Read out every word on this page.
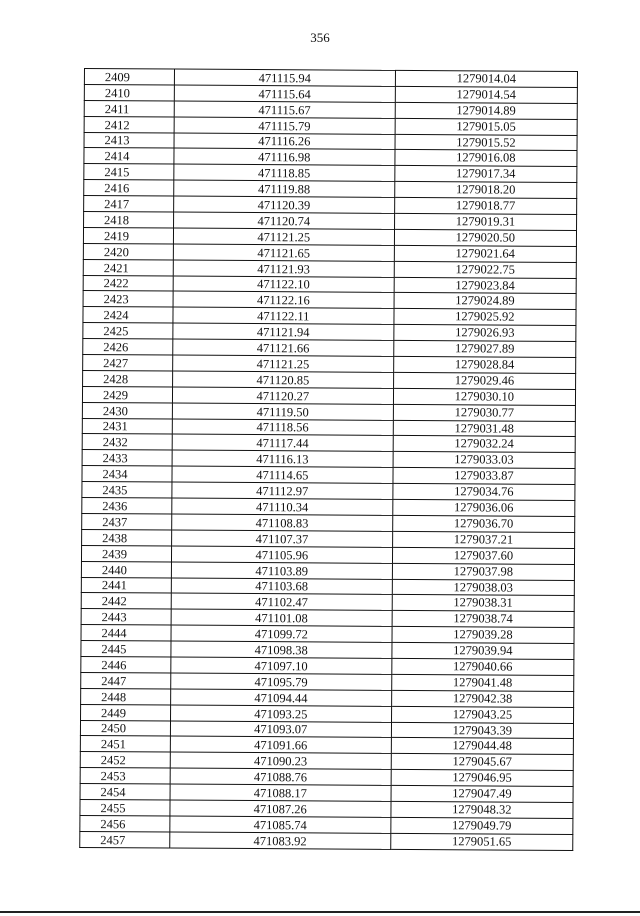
356
2409	471115.94	1279014.04
2410	471115.64	1279014.54
2411	471115.67	1279014.89
2412	471115.79	1279015.05
2413	471116.26	1279015.52
2414	471116.98	1279016.08
2415	471118.85	1279017.34
2416	471119.88	1279018.20
2417	471120.39	1279018.77
2418	471120.74	1279019.31
2419	471121.25	1279020.50
2420	471121.65	1279021.64
2421	471121.93	1279022.75
2422	471122.10	1279023.84
2423	471122.16	1279024.89
2424	471122.11	1279025.92
2425	471121.94	1279026.93
2426	471121.66	1279027.89
2427	471121.25	1279028.84
2428	471120.85	1279029.46
2429	471120.27	1279030.10
2430	471119.50	1279030.77
2431	471118.56	1279031.48
2432	471117.44	1279032.24
2433	471116.13	1279033.03
2434	471114.65	1279033.87
2435	471112.97	1279034.76
2436	471110.34	1279036.06
2437	471108.83	1279036.70
2438	471107.37	1279037.21
2439	471105.96	1279037.60
2440	471103.89	1279037.98
2441	471103.68	1279038.03
2442	471102.47	1279038.31
2443	471101.08	1279038.74
2444	471099.72	1279039.28
2445	471098.38	1279039.94
2446	471097.10	1279040.66
2447	471095.79	1279041.48
2448	471094.44	1279042.38
2449	471093.25	1279043.25
2450	471093.07	1279043.39
2451	471091.66	1279044.48
2452	471090.23	1279045.67
2453	471088.76	1279046.95
2454	471088.17	1279047.49
2455	471087.26	1279048.32
2456	471085.74	1279049.79
2457	471083.92	1279051.65
